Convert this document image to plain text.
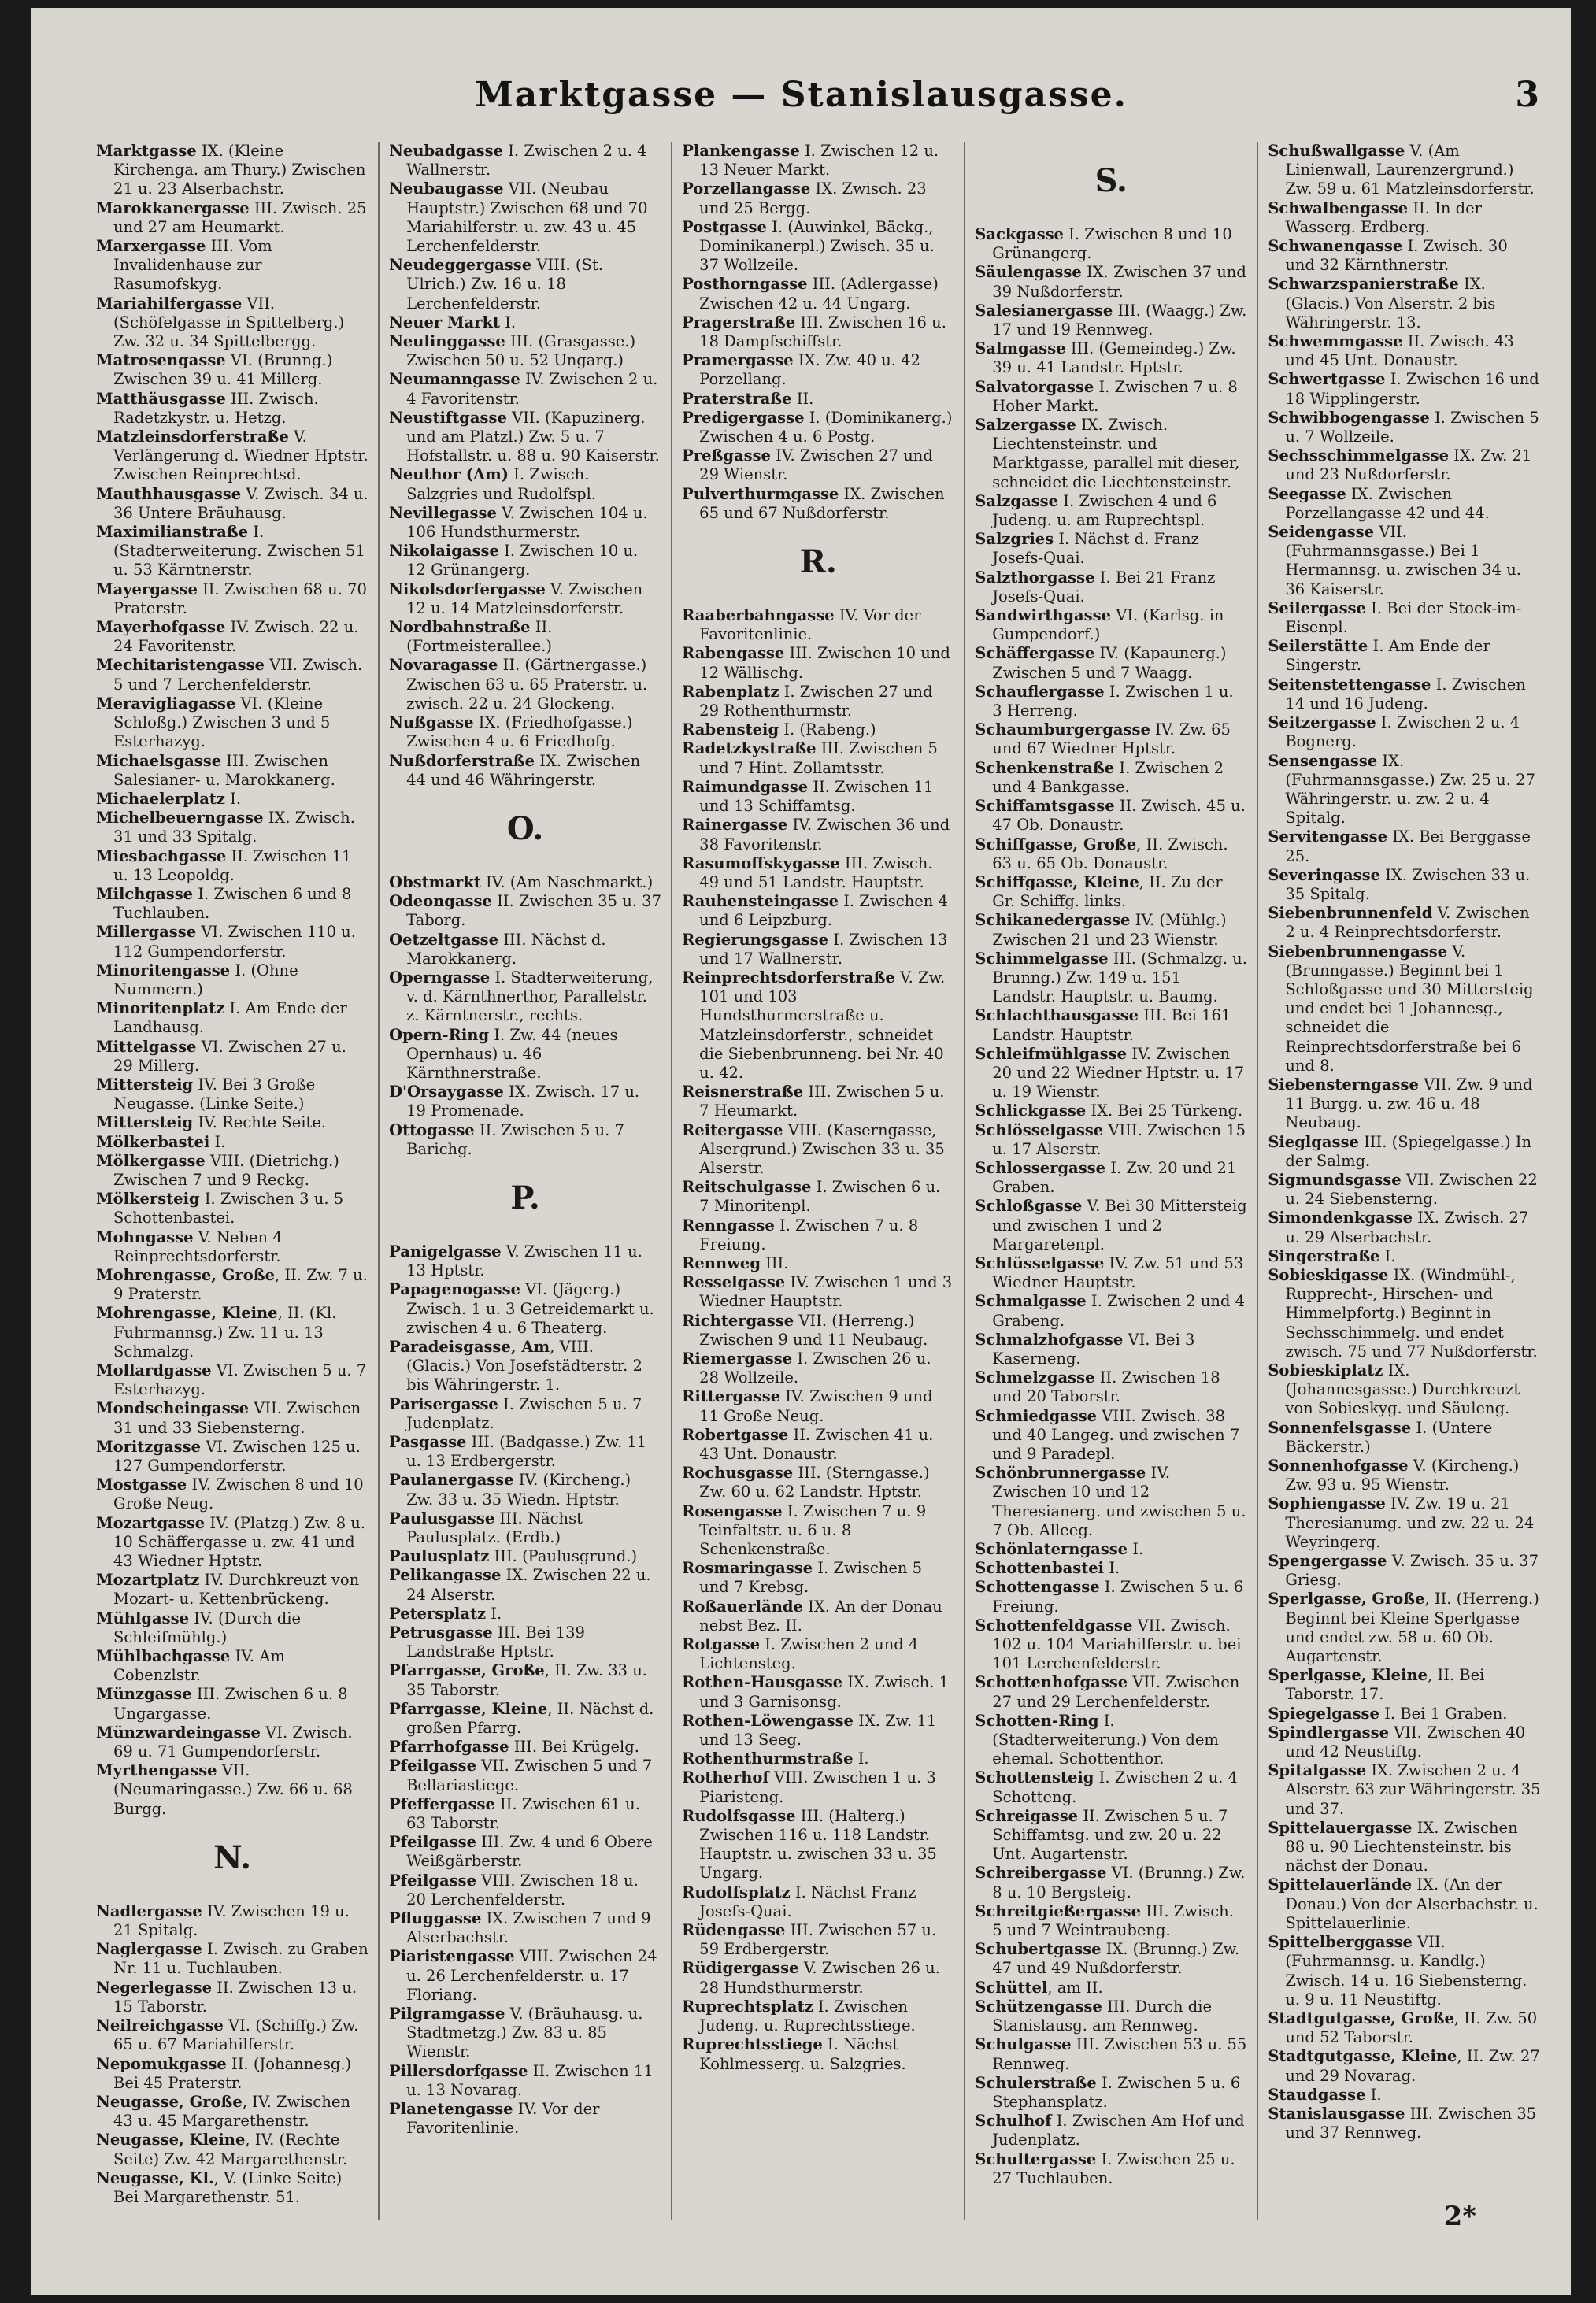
Marktgasse — Stanislausgasse.	3

Marktgasse IX. (Kleine Kirchenga. am Thury.) Zwischen 21 u. 23 Alserbachstr.

Marokkanergasse III. Zwisch. 25 und 27 am Heumarkt.

Marxergasse III. Vom Invalidenhause zur Rasumofskyg.

Mariahilfergasse VII. (Schöfelgasse in Spittelberg.) Zw. 32 u. 34 Spittelbergg.

Matrosengasse VI. (Brunng.) Zwischen 39 u. 41 Millerg.

Matthäusgasse III. Zwisch. Radetzkystr. u. Hetzg.

Matzleinsdorferstraße V. Verlängerung d. Wiedner Hptstr. Zwischen Reinprechtsd.

Mauthhausgasse V. Zwisch. 34 u. 36 Untere Bräuhausg.

Maximilianstraße I. (Stadterweiterung. Zwischen 51 u. 53 Kärntnerstr.

Mayergasse II. Zwischen 68 u. 70 Praterstr.

Mayerhofgasse IV. Zwisch. 22 u. 24 Favoritenstr.

Mechitaristengasse VII. Zwisch. 5 und 7 Lerchenfelderstr.

Meravigliagasse VI. (Kleine Schloßg.) Zwischen 3 und 5 Esterhazyg.

Michaelsgasse III. Zwischen Salesianer- u. Marokkanerg.

Michaelerplatz I.

Michelbeuerngasse IX. Zwisch. 31 und 33 Spitalg.

Miesbachgasse II. Zwischen 11 u. 13 Leopoldg.

Milchgasse I. Zwischen 6 und 8 Tuchlauben.

Millergasse VI. Zwischen 110 u. 112 Gumpendorferstr.

Minoritengasse I. (Ohne Nummern.)

Minoritenplatz I. Am Ende der Landhausg.

Mittelgasse VI. Zwischen 27 u. 29 Millerg.

Mittersteig IV. Bei 3 Große Neugasse. (Linke Seite.)

Mittersteig IV. Rechte Seite.

Mölkerbastei I.

Mölkergasse VIII. (Dietrichg.) Zwischen 7 und 9 Reckg.

Mölkersteig I. Zwischen 3 u. 5 Schottenbastei.

Mohngasse V. Neben 4 Reinprechtsdorferstr.

Mohrengasse, Große, II. Zw. 7 u. 9 Praterstr.

Mohrengasse, Kleine, II. (Kl. Fuhrmannsg.) Zw. 11 u. 13 Schmalzg.

Mollardgasse VI. Zwischen 5 u. 7 Esterhazyg.

Mondscheingasse VII. Zwischen 31 und 33 Siebensterng.

Moritzgasse VI. Zwischen 125 u. 127 Gumpendorferstr.

Mostgasse IV. Zwischen 8 und 10 Große Neug.

Mozartgasse IV. (Platzg.) Zw. 8 u. 10 Schäffergasse u. zw. 41 und 43 Wiedner Hptstr.

Mozartplatz IV. Durchkreuzt von Mozart- u. Kettenbrückeng.

Mühlgasse IV. (Durch die Schleifmühlg.)

Mühlbachgasse IV. Am Cobenzlstr.

Münzgasse III. Zwischen 6 u. 8 Ungargasse.

Münzwardeingasse VI. Zwisch. 69 u. 71 Gumpendorferstr.

Myrthengasse VII. (Neumaringasse.) Zw. 66 u. 68 Burgg.

N.

Nadlergasse IV. Zwischen 19 u. 21 Spitalg.

Naglergasse I. Zwisch. zu Graben Nr. 11 u. Tuchlauben.

Negerlegasse II. Zwischen 13 u. 15 Taborstr.

Neilreichgasse VI. (Schiffg.) Zw. 65 u. 67 Mariahilferstr.

Nepomukgasse II. (Johannesg.) Bei 45 Praterstr.

Neugasse, Große, IV. Zwischen 43 u. 45 Margarethenstr.

Neugasse, Kleine, IV. (Rechte Seite) Zw. 42 Margarethenstr.

Neugasse, Kl., V. (Linke Seite) Bei Margarethenstr. 51.

Neubadgasse I. Zwischen 2 u. 4 Wallnerstr.

Neubaugasse VII. (Neubau Hauptstr.) Zwischen 68 und 70 Mariahilferstr. u. zw. 43 u. 45 Lerchenfelderstr.

Neudeggergasse VIII. (St. Ulrich.) Zw. 16 u. 18 Lerchenfelderstr.

Neuer Markt I.

Neulinggasse III. (Grasgasse.) Zwischen 50 u. 52 Ungarg.)

Neumanngasse IV. Zwischen 2 u. 4 Favoritenstr.

Neustiftgasse VII. (Kapuzinerg. und am Platzl.) Zw. 5 u. 7 Hofstallstr. u. 88 u. 90 Kaiserstr.

Neuthor (Am) I. Zwisch. Salzgries und Rudolfspl.

Nevillegasse V. Zwischen 104 u. 106 Hundsthurmerstr.

Nikolaigasse I. Zwischen 10 u. 12 Grünangerg.

Nikolsdorfergasse V. Zwischen 12 u. 14 Matzleinsdorferstr.

Nordbahnstraße II. (Fortmeisterallee.)

Novaragasse II. (Gärtnergasse.) Zwischen 63 u. 65 Praterstr. u. zwisch. 22 u. 24 Glockeng.

Nußgasse IX. (Friedhofgasse.) Zwischen 4 u. 6 Friedhofg.

Nußdorferstraße IX. Zwischen 44 und 46 Währingerstr.

O.

Obstmarkt IV. (Am Naschmarkt.)

Odeongasse II. Zwischen 35 u. 37 Taborg.

Oetzeltgasse III. Nächst d. Marokkanerg.

Operngasse I. Stadterweiterung, v. d. Kärnthnerthor, Parallelstr. z. Kärntnerstr., rechts.

Opern-Ring I. Zw. 44 (neues Opernhaus) u. 46 Kärnthnerstraße.

D'Orsaygasse IX. Zwisch. 17 u. 19 Promenade.

Ottogasse II. Zwischen 5 u. 7 Barichg.

P.

Panigelgasse V. Zwischen 11 u. 13 Hptstr.

Papagenogasse VI. (Jägerg.) Zwisch. 1 u. 3 Getreidemarkt u. zwischen 4 u. 6 Theaterg.

Paradeisgasse, Am, VIII. (Glacis.) Von Josefstädterstr. 2 bis Währingerstr. 1.

Parisergasse I. Zwischen 5 u. 7 Judenplatz.

Pasgasse III. (Badgasse.) Zw. 11 u. 13 Erdbergerstr.

Paulanergasse IV. (Kircheng.) Zw. 33 u. 35 Wiedn. Hptstr.

Paulusgasse III. Nächst Paulusplatz. (Erdb.)

Paulusplatz III. (Paulusgrund.)

Pelikangasse IX. Zwischen 22 u. 24 Alserstr.

Petersplatz I.

Petrusgasse III. Bei 139 Landstraße Hptstr.

Pfarrgasse, Große, II. Zw. 33 u. 35 Taborstr.

Pfarrgasse, Kleine, II. Nächst d. großen Pfarrg.

Pfarrhofgasse III. Bei Krügelg.

Pfeilgasse VII. Zwischen 5 und 7 Bellariastiege.

Pfeffergasse II. Zwischen 61 u. 63 Taborstr.

Pfeilgasse III. Zw. 4 und 6 Obere Weißgärberstr.

Pfeilgasse VIII. Zwischen 18 u. 20 Lerchenfelderstr.

Pfluggasse IX. Zwischen 7 und 9 Alserbachstr.

Piaristengasse VIII. Zwischen 24 u. 26 Lerchenfelderstr. u. 17 Floriang.

Pilgramgasse V. (Bräuhausg. u. Stadtmetzg.) Zw. 83 u. 85 Wienstr.

Pillersdorfgasse II. Zwischen 11 u. 13 Novarag.

Planetengasse IV. Vor der Favoritenlinie.

Plankengasse I. Zwischen 12 u. 13 Neuer Markt.

Porzellangasse IX. Zwisch. 23 und 25 Bergg.

Postgasse I. (Auwinkel, Bäckg., Dominikanerpl.) Zwisch. 35 u. 37 Wollzeile.

Posthorngasse III. (Adlergasse) Zwischen 42 u. 44 Ungarg.

Pragerstraße III. Zwischen 16 u. 18 Dampfschiffstr.

Pramergasse IX. Zw. 40 u. 42 Porzellang.

Praterstraße II.

Predigergasse I. (Dominikanerg.) Zwischen 4 u. 6 Postg.

Preßgasse IV. Zwischen 27 und 29 Wienstr.

Pulverthurmgasse IX. Zwischen 65 und 67 Nußdorferstr.

R.

Raaberbahngasse IV. Vor der Favoritenlinie.

Rabengasse III. Zwischen 10 und 12 Wällischg.

Rabenplatz I. Zwischen 27 und 29 Rothenthurmstr.

Rabensteig I. (Rabeng.)

Radetzkystraße III. Zwischen 5 und 7 Hint. Zollamtsstr.

Raimundgasse II. Zwischen 11 und 13 Schiffamtsg.

Rainergasse IV. Zwischen 36 und 38 Favoritenstr.

Rasumoffskygasse III. Zwisch. 49 und 51 Landstr. Hauptstr.

Rauhensteingasse I. Zwischen 4 und 6 Leipzburg.

Regierungsgasse I. Zwischen 13 und 17 Wallnerstr.

Reinprechtsdorferstraße V. Zw. 101 und 103 Hundsthurmerstraße u. Matzleinsdorferstr., schneidet die Siebenbrunneng. bei Nr. 40 u. 42.

Reisnerstraße III. Zwischen 5 u. 7 Heumarkt.

Reitergasse VIII. (Kaserngasse, Alsergrund.) Zwischen 33 u. 35 Alserstr.

Reitschulgasse I. Zwischen 6 u. 7 Minoritenpl.

Renngasse I. Zwischen 7 u. 8 Freiung.

Rennweg III.

Resselgasse IV. Zwischen 1 und 3 Wiedner Hauptstr.

Richtergasse VII. (Herreng.) Zwischen 9 und 11 Neubaug.

Riemergasse I. Zwischen 26 u. 28 Wollzeile.

Rittergasse IV. Zwischen 9 und 11 Große Neug.

Robertgasse II. Zwischen 41 u. 43 Unt. Donaustr.

Rochusgasse III. (Sterngasse.) Zw. 60 u. 62 Landstr. Hptstr.

Rosengasse I. Zwischen 7 u. 9 Teinfaltstr. u. 6 u. 8 Schenkenstraße.

Rosmaringasse I. Zwischen 5 und 7 Krebsg.

Roßauerlände IX. An der Donau nebst Bez. II.

Rotgasse I. Zwischen 2 und 4 Lichtensteg.

Rothen-Hausgasse IX. Zwisch. 1 und 3 Garnisonsg.

Rothen-Löwengasse IX. Zw. 11 und 13 Seeg.

Rothenthurmstraße I.

Rotherhof VIII. Zwischen 1 u. 3 Piaristeng.

Rudolfsgasse III. (Halterg.) Zwischen 116 u. 118 Landstr. Hauptstr. u. zwischen 33 u. 35 Ungarg.

Rudolfsplatz I. Nächst Franz Josefs-Quai.

Rüdengasse III. Zwischen 57 u. 59 Erdbergerstr.

Rüdigergasse V. Zwischen 26 u. 28 Hundsthurmerstr.

Ruprechtsplatz I. Zwischen Judeng. u. Ruprechtsstiege.

Ruprechtsstiege I. Nächst Kohlmesserg. u. Salzgries.

S.

Sackgasse I. Zwischen 8 und 10 Grünangerg.

Säulengasse IX. Zwischen 37 und 39 Nußdorferstr.

Salesianergasse III. (Waagg.) Zw. 17 und 19 Rennweg.

Salmgasse III. (Gemeindeg.) Zw. 39 u. 41 Landstr. Hptstr.

Salvatorgasse I. Zwischen 7 u. 8 Hoher Markt.

Salzergasse IX. Zwisch. Liechtensteinstr. und Marktgasse, parallel mit dieser, schneidet die Liechtensteinstr.

Salzgasse I. Zwischen 4 und 6 Judeng. u. am Ruprechtspl.

Salzgries I. Nächst d. Franz Josefs-Quai.

Salzthorgasse I. Bei 21 Franz Josefs-Quai.

Sandwirthgasse VI. (Karlsg. in Gumpendorf.)

Schäffergasse IV. (Kapaunerg.) Zwischen 5 und 7 Waagg.

Schauflergasse I. Zwischen 1 u. 3 Herreng.

Schaumburgergasse IV. Zw. 65 und 67 Wiedner Hptstr.

Schenkenstraße I. Zwischen 2 und 4 Bankgasse.

Schiffamtsgasse II. Zwisch. 45 u. 47 Ob. Donaustr.

Schiffgasse, Große, II. Zwisch. 63 u. 65 Ob. Donaustr.

Schiffgasse, Kleine, II. Zu der Gr. Schiffg. links.

Schikanedergasse IV. (Mühlg.) Zwischen 21 und 23 Wienstr.

Schimmelgasse III. (Schmalzg. u. Brunng.) Zw. 149 u. 151 Landstr. Hauptstr. u. Baumg.

Schlachthausgasse III. Bei 161 Landstr. Hauptstr.

Schleifmühlgasse IV. Zwischen 20 und 22 Wiedner Hptstr. u. 17 u. 19 Wienstr.

Schlickgasse IX. Bei 25 Türkeng.

Schlösselgasse VIII. Zwischen 15 u. 17 Alserstr.

Schlossergasse I. Zw. 20 und 21 Graben.

Schloßgasse V. Bei 30 Mittersteig und zwischen 1 und 2 Margaretenpl.

Schlüsselgasse IV. Zw. 51 und 53 Wiedner Hauptstr.

Schmalgasse I. Zwischen 2 und 4 Grabeng.

Schmalzhofgasse VI. Bei 3 Kaserneng.

Schmelzgasse II. Zwischen 18 und 20 Taborstr.

Schmiedgasse VIII. Zwisch. 38 und 40 Langeg. und zwischen 7 und 9 Paradepl.

Schönbrunnergasse IV. Zwischen 10 und 12 Theresianerg. und zwischen 5 u. 7 Ob. Alleeg.

Schönlaterngasse I.

Schottenbastei I.

Schottengasse I. Zwischen 5 u. 6 Freiung.

Schottenfeldgasse VII. Zwisch. 102 u. 104 Mariahilferstr. u. bei 101 Lerchenfelderstr.

Schottenhofgasse VII. Zwischen 27 und 29 Lerchenfelderstr.

Schotten-Ring I. (Stadterweiterung.) Von dem ehemal. Schottenthor.

Schottensteig I. Zwischen 2 u. 4 Schotteng.

Schreigasse II. Zwischen 5 u. 7 Schiffamtsg. und zw. 20 u. 22 Unt. Augartenstr.

Schreibergasse VI. (Brunng.) Zw. 8 u. 10 Bergsteig.

Schreitgießergasse III. Zwisch. 5 und 7 Weintraubeng.

Schubertgasse IX. (Brunng.) Zw. 47 und 49 Nußdorferstr.

Schüttel, am II.

Schützengasse III. Durch die Stanislausg. am Rennweg.

Schulgasse III. Zwischen 53 u. 55 Rennweg.

Schulerstraße I. Zwischen 5 u. 6 Stephansplatz.

Schulhof I. Zwischen Am Hof und Judenplatz.

Schultergasse I. Zwischen 25 u. 27 Tuchlauben.

Schußwallgasse V. (Am Linienwall, Laurenzergrund.) Zw. 59 u. 61 Matzleinsdorferstr.

Schwalbengasse II. In der Wasserg. Erdberg.

Schwanengasse I. Zwisch. 30 und 32 Kärnthnerstr.

Schwarzspanierstraße IX. (Glacis.) Von Alserstr. 2 bis Währingerstr. 13.

Schwemmgasse II. Zwisch. 43 und 45 Unt. Donaustr.

Schwertgasse I. Zwischen 16 und 18 Wipplingerstr.

Schwibbogengasse I. Zwischen 5 u. 7 Wollzeile.

Sechsschimmelgasse IX. Zw. 21 und 23 Nußdorferstr.

Seegasse IX. Zwischen Porzellangasse 42 und 44.

Seidengasse VII. (Fuhrmannsgasse.) Bei 1 Hermannsg. u. zwischen 34 u. 36 Kaiserstr.

Seilergasse I. Bei der Stock-im-Eisenpl.

Seilerstätte I. Am Ende der Singerstr.

Seitenstettengasse I. Zwischen 14 und 16 Judeng.

Seitzergasse I. Zwischen 2 u. 4 Bognerg.

Sensengasse IX. (Fuhrmannsgasse.) Zw. 25 u. 27 Währingerstr. u. zw. 2 u. 4 Spitalg.

Servitengasse IX. Bei Berggasse 25.

Severingasse IX. Zwischen 33 u. 35 Spitalg.

Siebenbrunnenfeld V. Zwischen 2 u. 4 Reinprechtsdorferstr.

Siebenbrunnengasse V. (Brunngasse.) Beginnt bei 1 Schloßgasse und 30 Mittersteig und endet bei 1 Johannesg., schneidet die Reinprechtsdorferstraße bei 6 und 8.

Siebensterngasse VII. Zw. 9 und 11 Burgg. u. zw. 46 u. 48 Neubaug.

Sieglgasse III. (Spiegelgasse.) In der Salmg.

Sigmundsgasse VII. Zwischen 22 u. 24 Siebensterng.

Simondenkgasse IX. Zwisch. 27 u. 29 Alserbachstr.

Singerstraße I.

Sobieskigasse IX. (Windmühl-, Rupprecht-, Hirschen- und Himmelpfortg.) Beginnt in Sechsschimmelg. und endet zwisch. 75 und 77 Nußdorferstr.

Sobieskiplatz IX. (Johannesgasse.) Durchkreuzt von Sobieskyg. und Säuleng.

Sonnenfelsgasse I. (Untere Bäckerstr.)

Sonnenhofgasse V. (Kircheng.) Zw. 93 u. 95 Wienstr.

Sophiengasse IV. Zw. 19 u. 21 Theresianumg. und zw. 22 u. 24 Weyringerg.

Spengergasse V. Zwisch. 35 u. 37 Griesg.

Sperlgasse, Große, II. (Herreng.) Beginnt bei Kleine Sperlgasse und endet zw. 58 u. 60 Ob. Augartenstr.

Sperlgasse, Kleine, II. Bei Taborstr. 17.

Spiegelgasse I. Bei 1 Graben.

Spindlergasse VII. Zwischen 40 und 42 Neustiftg.

Spitalgasse IX. Zwischen 2 u. 4 Alserstr. 63 zur Währingerstr. 35 und 37.

Spittelauergasse IX. Zwischen 88 u. 90 Liechtensteinstr. bis nächst der Donau.

Spittelauerlände IX. (An der Donau.) Von der Alserbachstr. u. Spittelauerlinie.

Spittelberggasse VII. (Fuhrmannsg. u. Kandlg.) Zwisch. 14 u. 16 Siebensterng. u. 9 u. 11 Neustiftg.

Stadtgutgasse, Große, II. Zw. 50 und 52 Taborstr.

Stadtgutgasse, Kleine, II. Zw. 27 und 29 Novarag.

Staudgasse I.

Stanislausgasse III. Zwischen 35 und 37 Rennweg.

2*
